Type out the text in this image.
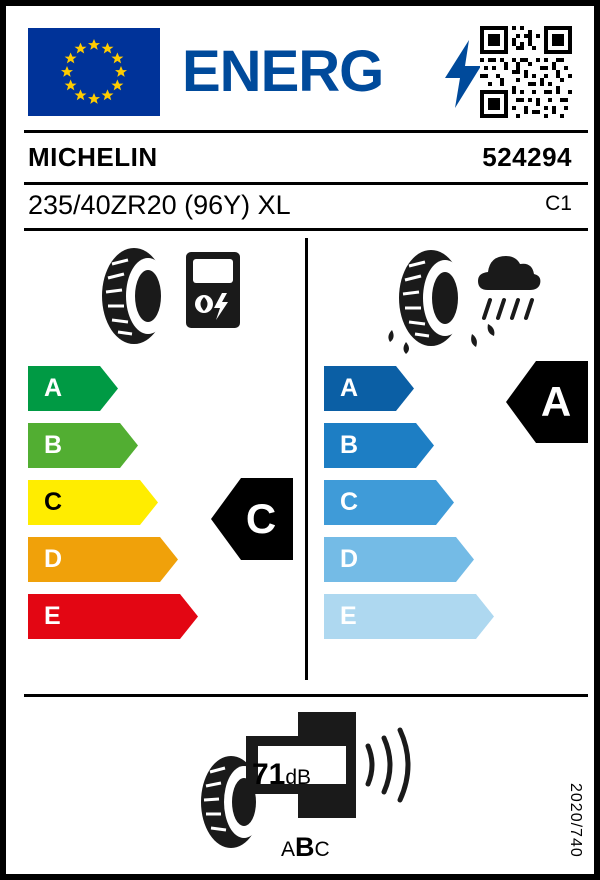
ENERG
MICHELIN	524294
235/40ZR20 (96Y) XL	C1
A
B
C
D
E
C
A
B
C
D
E
A
71dB
ABC	2020/740
